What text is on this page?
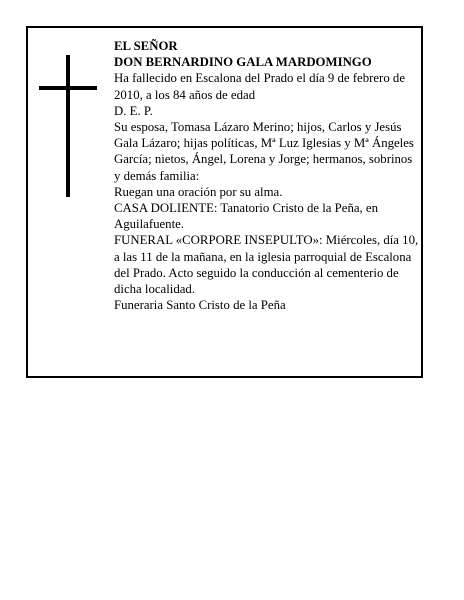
EL SEÑOR

DON BERNARDINO GALA MARDOMINGO

Ha fallecido en Escalona del Prado el día 9 de febrero de 2010, a los 84 años de edad

D. E. P.

Su esposa, Tomasa Lázaro Merino; hijos, Carlos y Jesús Gala Lázaro; hijas políticas, Mª Luz Iglesias y Mª Ángeles García; nietos, Ángel, Lorena y Jorge; hermanos, sobrinos y demás familia:

Ruegan una oración por su alma.

CASA DOLIENTE: Tanatorio Cristo de la Peña, en Aguilafuente.

FUNERAL «CORPORE INSEPULTO»: Miércoles, día 10, a las 11 de la mañana, en la iglesia parroquial de Escalona del Prado. Acto seguido la conducción al cementerio de dicha localidad.

Funeraria Santo Cristo de la Peña
